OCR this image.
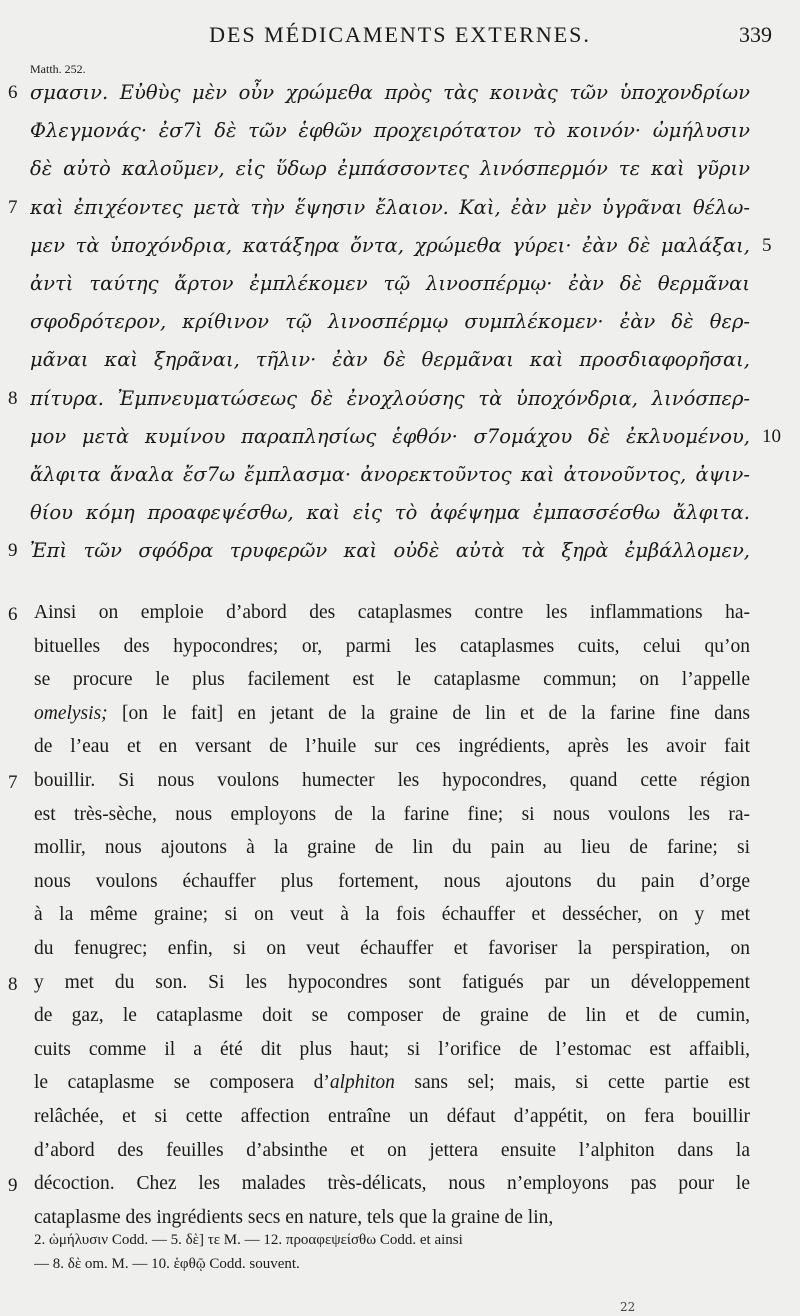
DES MÉDICAMENTS EXTERNES.	339
Matth. 252.
σμασιν. Εὐθὺς μὲν οὖν χρώμεθα πρὸς τὰς κοινὰς τῶν ὑποχονδρίων
Φλεγμονάς· ἐσ7ὶ δὲ τῶν ἑφθῶν προχειρότατον τὸ κοινόν· ὠμήλυσιν
δὲ αὐτὸ καλοῦμεν, εἰς ὕδωρ ἐμπάσσοντες λινόσπερμόν τε καὶ γῦριν
καὶ ἐπιχέοντες μετὰ τὴν ἕψησιν ἔλαιον. Καὶ, ἐὰν μὲν ὑγρᾶναι θέλω-
μεν τὰ ὑποχόνδρια, κατάξηρα ὄντα, χρώμεθα γύρει· ἐὰν δὲ μαλάξαι,
ἀντὶ ταύτης ἄρτον ἐμπλέκομεν τῷ λινοσπέρμῳ· ἐὰν δὲ θερμᾶναι
σφοδρότερον, κρίθινον τῷ λινοσπέρμῳ συμπλέκομεν· ἐὰν δὲ θερ-
μᾶναι καὶ ξηρᾶναι, τῆλιν· ἐὰν δὲ θερμᾶναι καὶ προσδιαφορῆσαι,
πίτυρα. Ἐμπνευματώσεως δὲ ἐνοχλούσης τὰ ὑποχόνδρια, λινόσπερ-
μον μετὰ κυμίνου παραπλησίως ἑφθόν· σ7ομάχου δὲ ἐκλυομένου,
ἄλφιτα ἄναλα ἔσ7ω ἔμπλασμα· ἀνορεκτοῦντος καὶ ἀτονοῦντος, ἀψιν-
θίου κόμη προαφεψέσθω, καὶ εἰς τὸ ἀφέψημα ἐμπασσέσθω ἄλφιτα.
Ἐπὶ τῶν σφόδρα τρυφερῶν καὶ οὐδὲ αὐτὰ τὰ ξηρὰ ἐμβάλλομεν,
Ainsi on emploie d’abord des cataplasmes contre les inflammations ha-
bituelles des hypocondres; or, parmi les cataplasmes cuits, celui qu’on
se procure le plus facilement est le cataplasme commun; on l’appelle
omelysis; [on le fait] en jetant de la graine de lin et de la farine fine dans
de l’eau et en versant de l’huile sur ces ingrédients, après les avoir fait
bouillir. Si nous voulons humecter les hypocondres, quand cette région
est très-sèche, nous employons de la farine fine; si nous voulons les ra-
mollir, nous ajoutons à la graine de lin du pain au lieu de farine; si
nous voulons échauffer plus fortement, nous ajoutons du pain d’orge
à la même graine; si on veut à la fois échauffer et dessécher, on y met
du fenugrec; enfin, si on veut échauffer et favoriser la perspiration, on
y met du son. Si les hypocondres sont fatigués par un développement
de gaz, le cataplasme doit se composer de graine de lin et de cumin,
cuits comme il a été dit plus haut; si l’orifice de l’estomac est affaibli,
le cataplasme se composera d’alphiton sans sel; mais, si cette partie est
relâchée, et si cette affection entraîne un défaut d’appétit, on fera bouillir
d’abord des feuilles d’absinthe et on jettera ensuite l’alphiton dans la
décoction. Chez les malades très-délicats, nous n’employons pas pour le
cataplasme des ingrédients secs en nature, tels que la graine de lin,
2. ὠμήλυσιν Codd. — 5. δὲ] τε M. — 12. προαφεψείσθω Codd. et ainsi
— 8. δὲ om. M. — 10. ἑφθῷ Codd. souvent.
22
6
7
8
9
5
10
6
7
8
9
